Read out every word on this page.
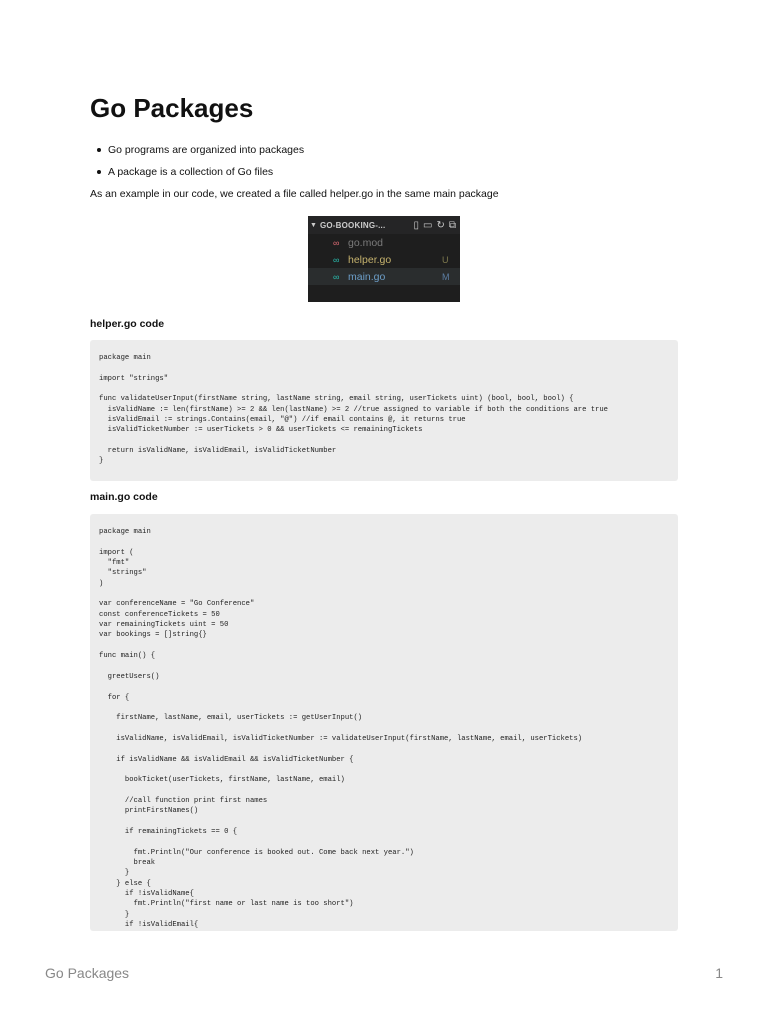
Go Packages
Go programs are organized into packages
A package is a collection of Go files

As an example in our code, we created a file called helper.go in the same main package

▼ GO-BOOKING-...	▯ ▭ ↻ ⧉
∞ go.mod
∞ helper.go	U
∞ main.go	M
helper.go code
package main

import "strings"

func validateUserInput(firstName string, lastName string, email string, userTickets uint) (bool, bool, bool) {
isValidName := len(firstName) >= 2 && len(lastName) >= 2 //true assigned to variable if both the conditions are true
isValidEmail := strings.Contains(email, "@") //if email contains @, it returns true
isValidTicketNumber := userTickets > 0 && userTickets <= remainingTickets

return isValidName, isValidEmail, isValidTicketNumber
}
main.go code
package main

import (
"fmt"
"strings"
)

var conferenceName = "Go Conference"
const conferenceTickets = 50
var remainingTickets uint = 50
var bookings = []string{}

func main() {

greetUsers()

for {

firstName, lastName, email, userTickets := getUserInput()

isValidName, isValidEmail, isValidTicketNumber := validateUserInput(firstName, lastName, email, userTickets)

if isValidName && isValidEmail && isValidTicketNumber {

bookTicket(userTickets, firstName, lastName, email)

//call function print first names
printFirstNames()

if remainingTickets == 0 {

fmt.Println("Our conference is booked out. Come back next year.")
break
}
} else {
if !isValidName{
fmt.Println("first name or last name is too short")
}
if !isValidEmail{
Go Packages	1
